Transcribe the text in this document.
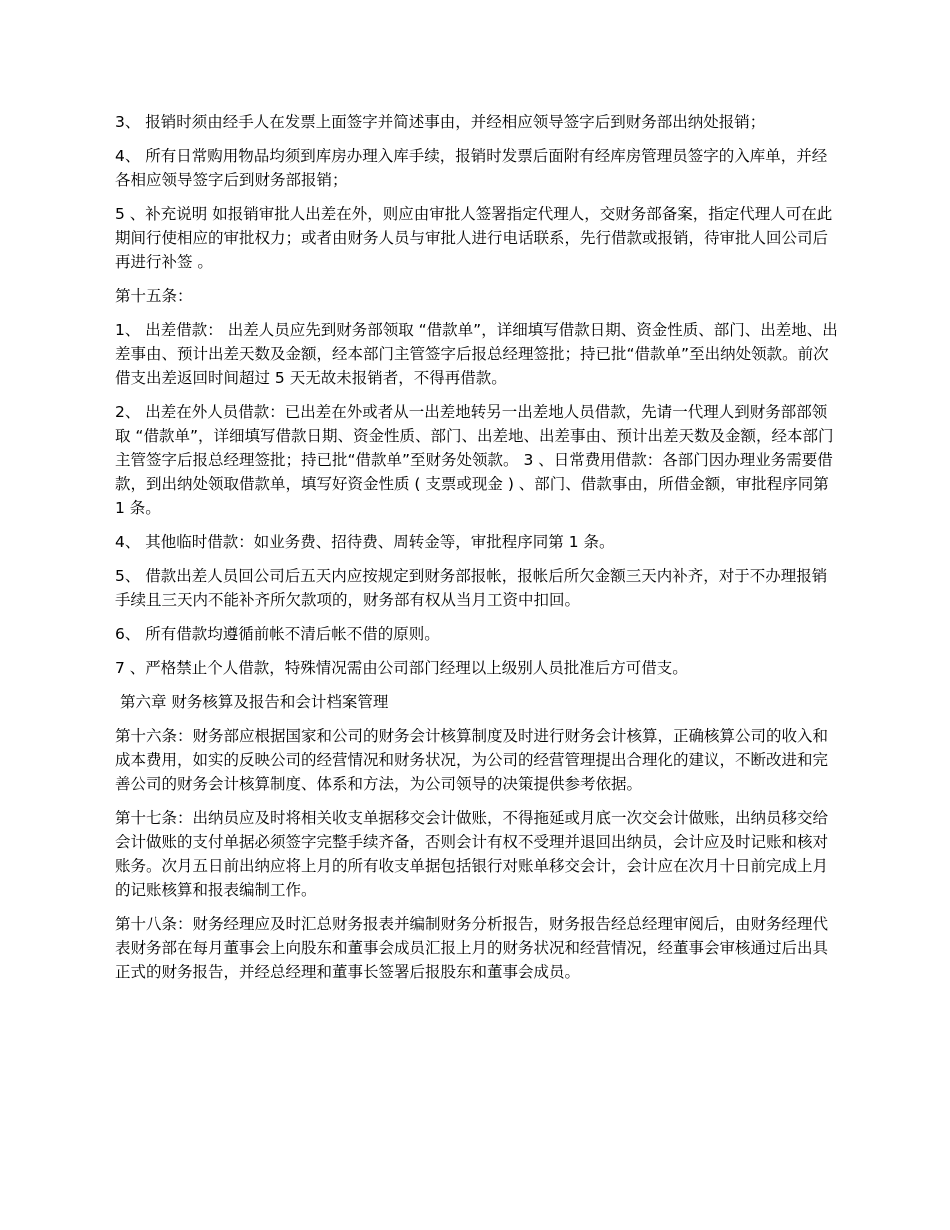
3、 报销时须由经手人在发票上面签字并简述事由，并经相应领导签字后到财务部出纳处报销；

4、 所有日常购用物品均须到库房办理入库手续，报销时发票后面附有经库房管理员签字的入库单，并经各相应领导签字后到财务部报销；

5 、补充说明 如报销审批人出差在外，则应由审批人签署指定代理人，交财务部备案，指定代理人可在此期间行使相应的审批权力；或者由财务人员与审批人进行电话联系，先行借款或报销，待审批人回公司后再进行补签 。

第十五条：

1、 出差借款： 出差人员应先到财务部领取 “借款单”，详细填写借款日期、资金性质、部门、出差地、出差事由、预计出差天数及金额，经本部门主管签字后报总经理签批；持已批“借款单”至出纳处领款。前次借支出差返回时间超过 5 天无故未报销者，不得再借款。

2、 出差在外人员借款：已出差在外或者从一出差地转另一出差地人员借款，先请一代理人到财务部部领取 “借款单”，详细填写借款日期、资金性质、部门、出差地、出差事由、预计出差天数及金额，经本部门主管签字后报总经理签批；持已批“借款单”至财务处领款。 3 、日常费用借款：各部门因办理业务需要借款，到出纳处领取借款单，填写好资金性质 ( 支票或现金 ) 、部门、借款事由，所借金额，审批程序同第 1 条。

4、 其他临时借款：如业务费、招待费、周转金等，审批程序同第 1 条。

5、 借款出差人员回公司后五天内应按规定到财务部报帐，报帐后所欠金额三天内补齐，对于不办理报销手续且三天内不能补齐所欠款项的，财务部有权从当月工资中扣回。

6、 所有借款均遵循前帐不清后帐不借的原则。

7 、严格禁止个人借款，特殊情况需由公司部门经理以上级别人员批准后方可借支。

第六章 财务核算及报告和会计档案管理

第十六条：财务部应根据国家和公司的财务会计核算制度及时进行财务会计核算，正确核算公司的收入和成本费用，如实的反映公司的经营情况和财务状况，为公司的经营管理提出合理化的建议，不断改进和完善公司的财务会计核算制度、体系和方法，为公司领导的决策提供参考依据。

第十七条：出纳员应及时将相关收支单据移交会计做账，不得拖延或月底一次交会计做账，出纳员移交给会计做账的支付单据必须签字完整手续齐备，否则会计有权不受理并退回出纳员，会计应及时记账和核对账务。次月五日前出纳应将上月的所有收支单据包括银行对账单移交会计，会计应在次月十日前完成上月的记账核算和报表编制工作。

第十八条：财务经理应及时汇总财务报表并编制财务分析报告，财务报告经总经理审阅后，由财务经理代表财务部在每月董事会上向股东和董事会成员汇报上月的财务状况和经营情况，经董事会审核通过后出具正式的财务报告，并经总经理和董事长签署后报股东和董事会成员。
